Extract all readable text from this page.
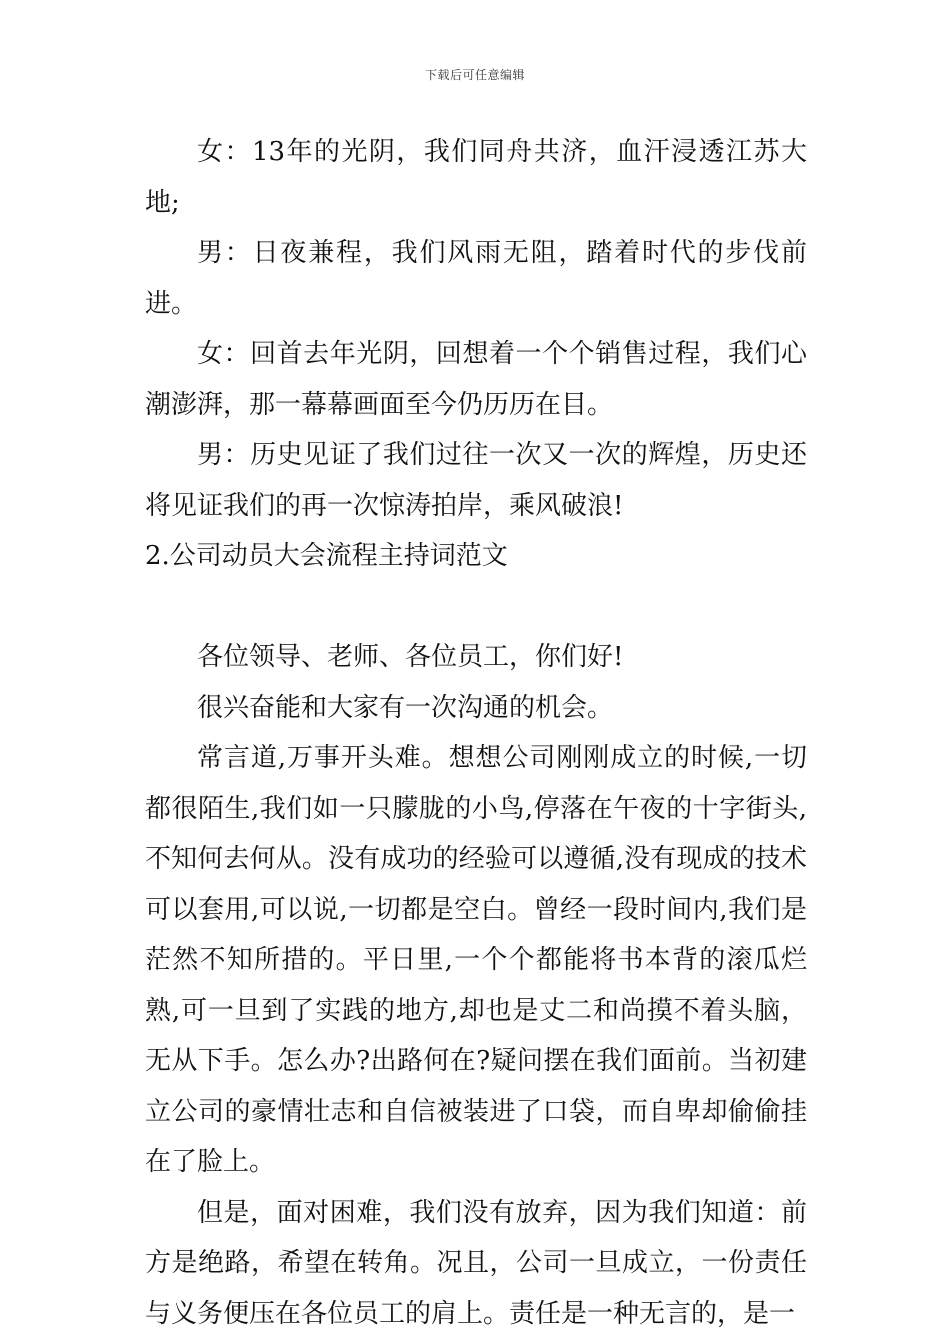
下载后可任意编辑

女：13年的光阴，我们同舟共济，血汗浸透江苏大地;

男：日夜兼程，我们风雨无阻，踏着时代的步伐前进。

女：回首去年光阴，回想着一个个销售过程，我们心潮澎湃，那一幕幕画面至今仍历历在目。

男：历史见证了我们过往一次又一次的辉煌，历史还将见证我们的再一次惊涛拍岸，乘风破浪!

2.公司动员大会流程主持词范文

各位领导、老师、各位员工，你们好!

很兴奋能和大家有一次沟通的机会。

常言道,万事开头难。想想公司刚刚成立的时候,一切都很陌生,我们如一只朦胧的小鸟,停落在午夜的十字街头,不知何去何从。没有成功的经验可以遵循,没有现成的技术可以套用,可以说,一切都是空白。曾经一段时间内,我们是茫然不知所措的。平日里,一个个都能将书本背的滚瓜烂熟,可一旦到了实践的地方,却也是丈二和尚摸不着头脑，无从下手。怎么办?出路何在?疑问摆在我们面前。当初建立公司的豪情壮志和自信被装进了口袋，而自卑却偷偷挂在了脸上。

但是，面对困难，我们没有放弃，因为我们知道：前方是绝路，希望在转角。况且，公司一旦成立，一份责任与义务便压在各位员工的肩上。责任是一种无言的，是一
